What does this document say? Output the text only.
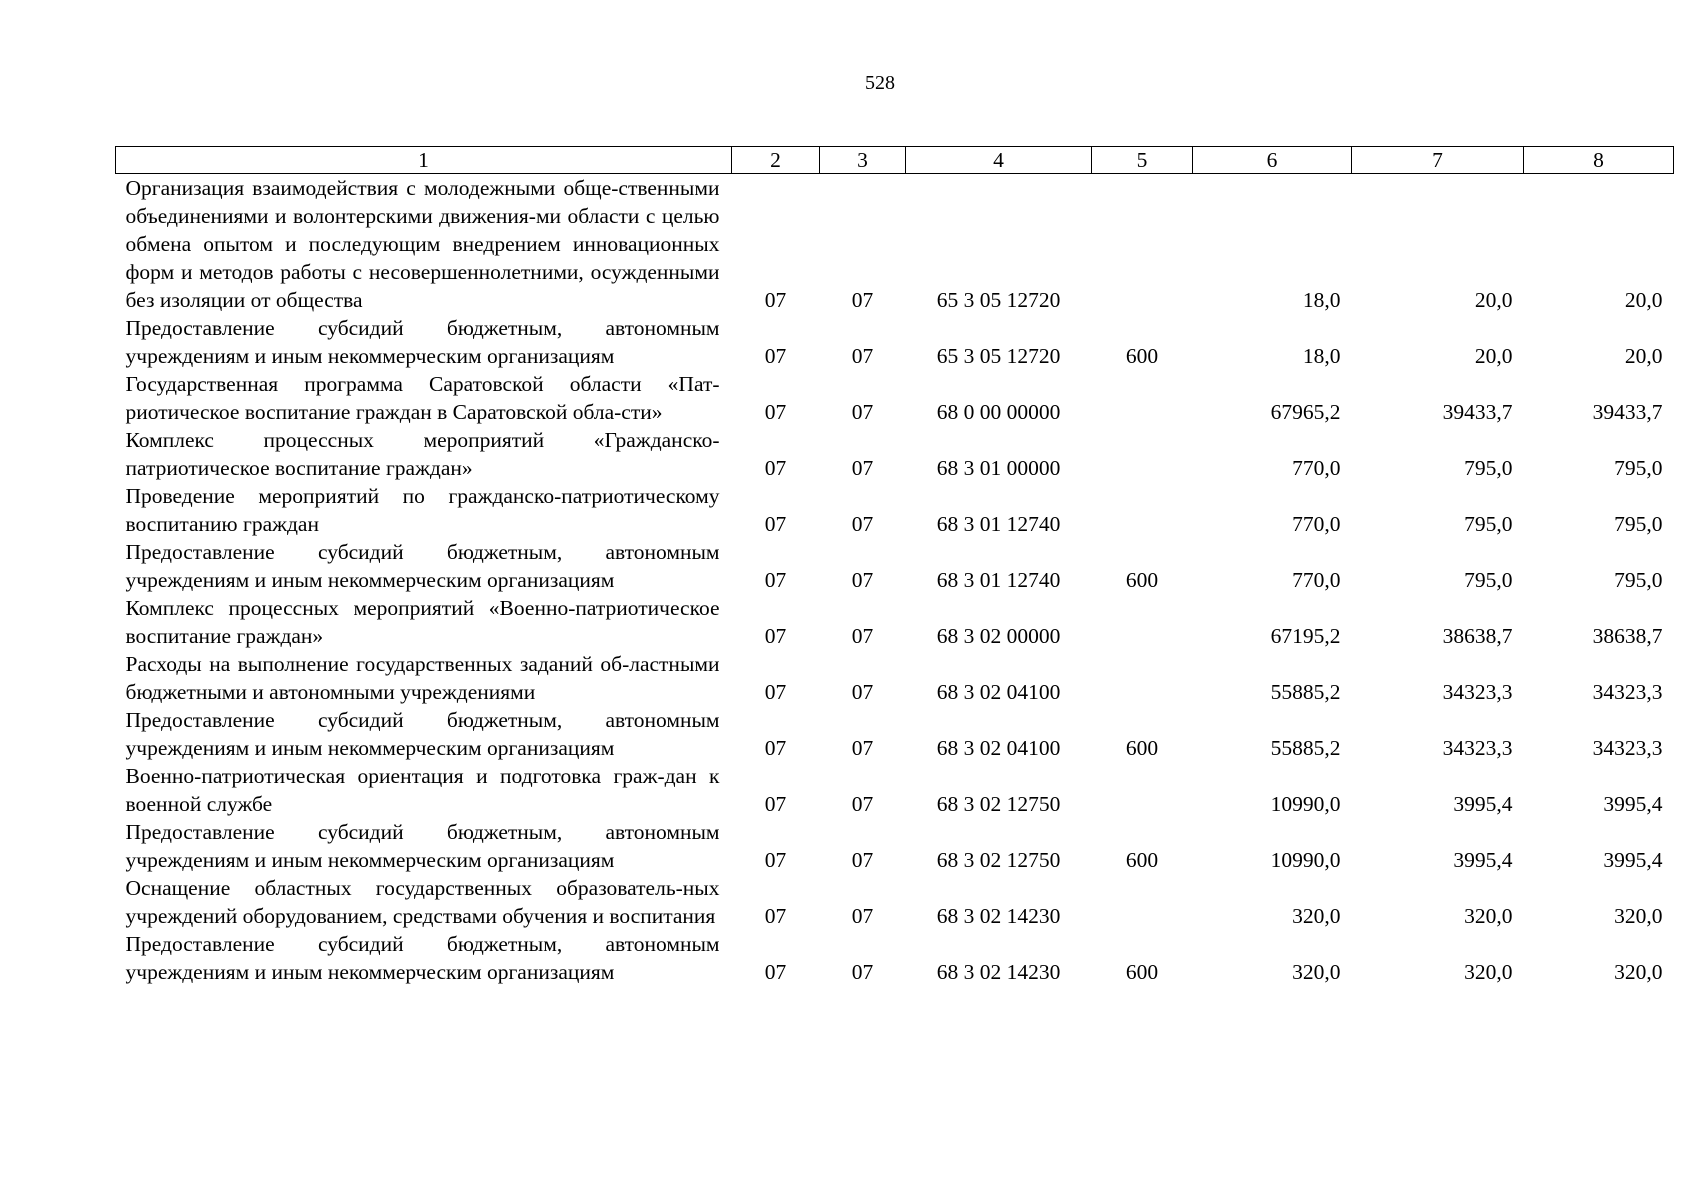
528
1	2	3	4	5	6	7	8
Организация взаимодействия с молодежными обще-ственными объединениями и волонтерскими движения-ми области с целью обмена опытом и последующим внедрением инновационных форм и методов работы с несовершеннолетними, осужденными без изоляции от общества	07	07	65 3 05 12720		18,0	20,0	20,0
Предоставление субсидий бюджетным, автономным учреждениям и иным некоммерческим организациям	07	07	65 3 05 12720	600	18,0	20,0	20,0
Государственная программа Саратовской области «Пат-риотическое воспитание граждан в Саратовской обла-сти»	07	07	68 0 00 00000		67965,2	39433,7	39433,7
Комплекс процессных мероприятий «Гражданско-патриотическое воспитание граждан»	07	07	68 3 01 00000		770,0	795,0	795,0
Проведение мероприятий по гражданско-патриотическому воспитанию граждан	07	07	68 3 01 12740		770,0	795,0	795,0
Предоставление субсидий бюджетным, автономным учреждениям и иным некоммерческим организациям	07	07	68 3 01 12740	600	770,0	795,0	795,0
Комплекс процессных мероприятий «Военно-патриотическое воспитание граждан»	07	07	68 3 02 00000		67195,2	38638,7	38638,7
Расходы на выполнение государственных заданий об-ластными бюджетными и автономными учреждениями	07	07	68 3 02 04100		55885,2	34323,3	34323,3
Предоставление субсидий бюджетным, автономным учреждениям и иным некоммерческим организациям	07	07	68 3 02 04100	600	55885,2	34323,3	34323,3
Военно-патриотическая ориентация и подготовка граж-дан к военной службе	07	07	68 3 02 12750		10990,0	3995,4	3995,4
Предоставление субсидий бюджетным, автономным учреждениям и иным некоммерческим организациям	07	07	68 3 02 12750	600	10990,0	3995,4	3995,4
Оснащение областных государственных образователь-ных учреждений оборудованием, средствами обучения и воспитания	07	07	68 3 02 14230		320,0	320,0	320,0
Предоставление субсидий бюджетным, автономным учреждениям и иным некоммерческим организациям	07	07	68 3 02 14230	600	320,0	320,0	320,0
